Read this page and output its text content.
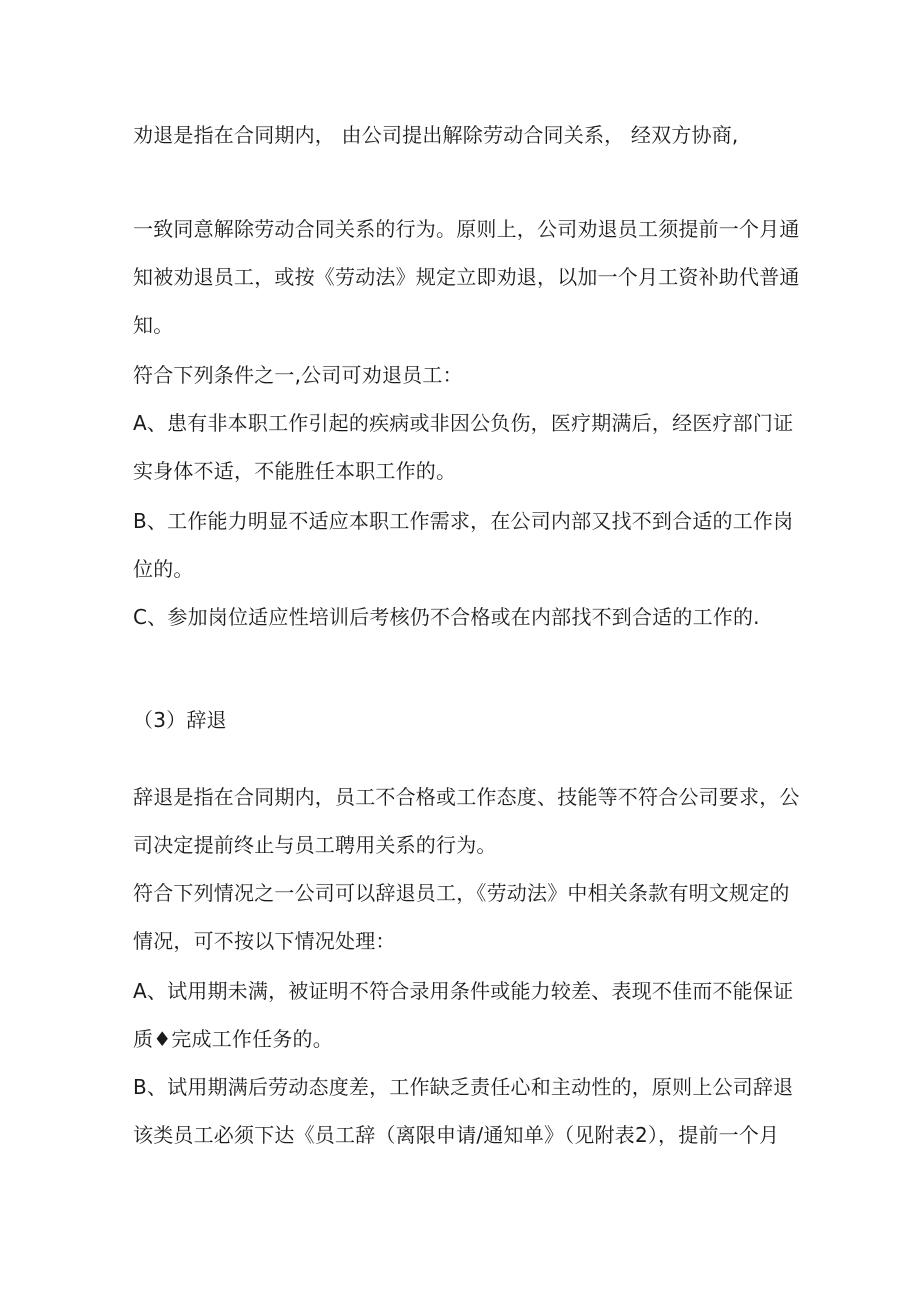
劝退是指在合同期内， 由公司提出解除劳动合同关系， 经双方协商,
一致同意解除劳动合同关系的行为。原则上，公司劝退员工须提前一个月通
知被劝退员工，或按《劳动法》规定立即劝退，以加一个月工资补助代普通
知。
符合下列条件之一,公司可劝退员工：
A、患有非本职工作引起的疾病或非因公负伤，医疗期满后，经医疗部门证
实身体不适，不能胜任本职工作的。
B、工作能力明显不适应本职工作需求，在公司内部又找不到合适的工作岗
位的。
C、参加岗位适应性培训后考核仍不合格或在内部找不到合适的工作的.
（3）辞退
辞退是指在合同期内，员工不合格或工作态度、技能等不符合公司要求，公
司决定提前终止与员工聘用关系的行为。
符合下列情况之一公司可以辞退员工，《劳动法》中相关条款有明文规定的
情况，可不按以下情况处理：
A、试用期未满，被证明不符合录用条件或能力较差、表现不佳而不能保证
质♦完成工作任务的。
B、试用期满后劳动态度差，工作缺乏责任心和主动性的，原则上公司辞退
该类员工必须下达《员工辞（离限申请/通知单》（见附表2），提前一个月
